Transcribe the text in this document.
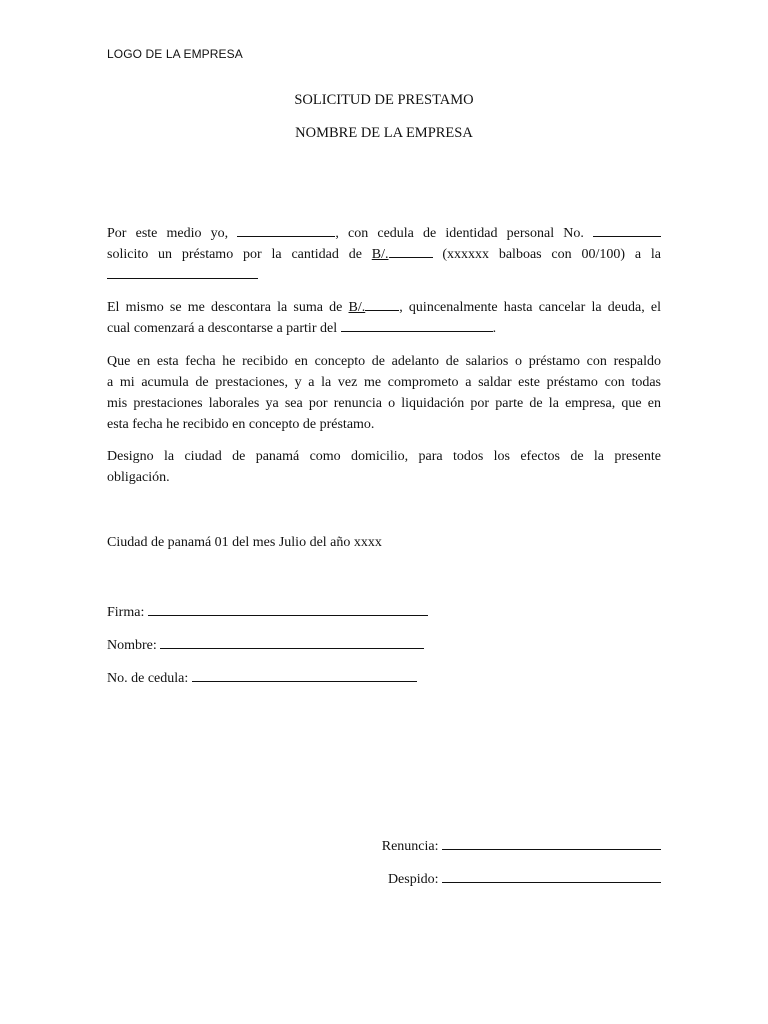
LOGO DE LA EMPRESA
SOLICITUD DE PRESTAMO
NOMBRE DE LA EMPRESA
Por este medio yo,	, con cedula de identidad personal No.
solicito un préstamo por la cantidad de B/.	(xxxxxx balboas con 00/100) a la
El mismo se me descontara la suma de B/. , quincenalmente hasta cancelar la deuda, el
cual comenzará a descontarse a partir del	.
Que en esta fecha he recibido en concepto de adelanto de salarios o préstamo con respaldo
a mi acumula de prestaciones, y a la vez me comprometo a saldar este préstamo con todas
mis prestaciones laborales ya sea por renuncia o liquidación por parte de la empresa, que en
esta fecha he recibido en concepto de préstamo.
Designo la ciudad de panamá como domicilio, para todos los efectos de la presente
obligación.
Ciudad de panamá 01 del mes Julio del año xxxx
Firma:
Nombre:
No. de cedula:
Renuncia:
Despido:
